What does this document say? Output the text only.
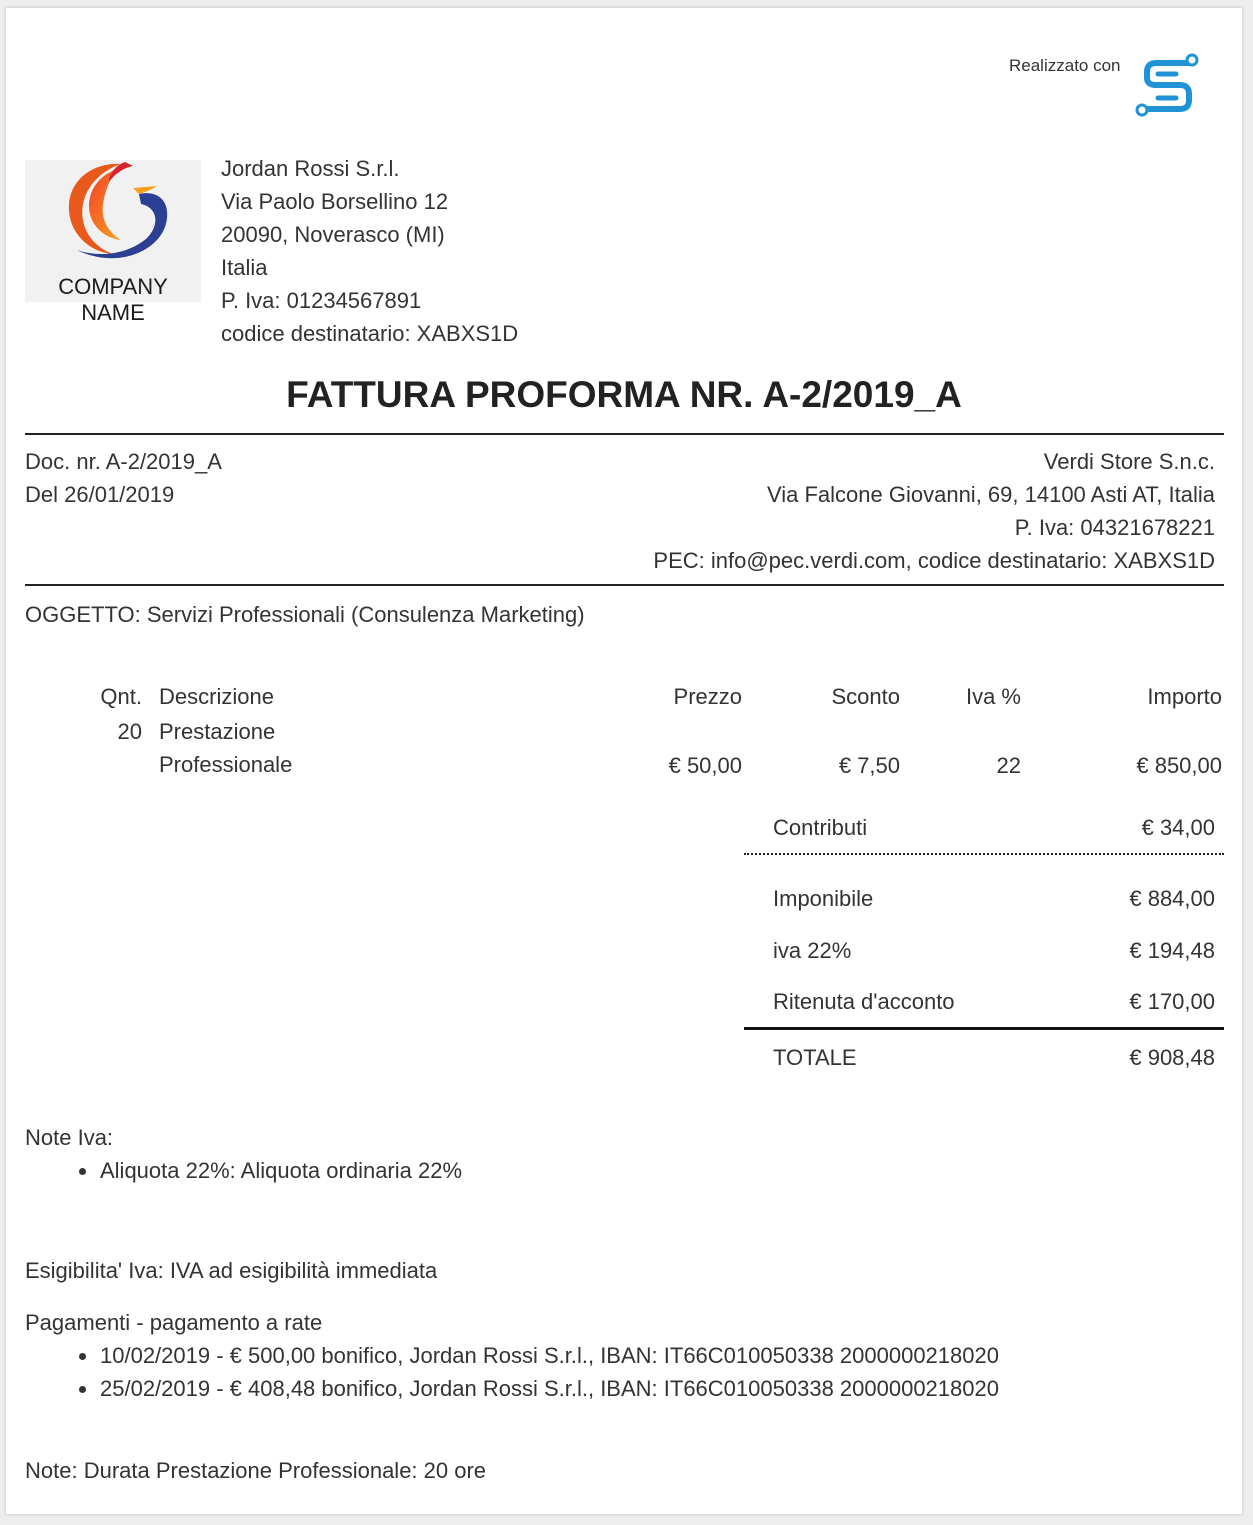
Realizzato con
COMPANY NAME
Jordan Rossi S.r.l.
Via Paolo Borsellino 12
20090, Noverasco (MI)
Italia
P. Iva: 01234567891
codice destinatario: XABXS1D
FATTURA PROFORMA NR. A-2/2019_A
Doc. nr. A-2/2019_A
Del 26/01/2019
Verdi Store S.n.c.
Via Falcone Giovanni, 69, 14100 Asti AT, Italia
P. Iva: 04321678221
PEC: info@pec.verdi.com, codice destinatario: XABXS1D
OGGETTO: Servizi Professionali (Consulenza Marketing)
Qnt. Descrizione	Prezzo	Sconto	Iva %	Importo
20 Prestazione
Professionale	€ 50,00	€ 7,50	22	€ 850,00
Contributi	€ 34,00
Imponibile	€ 884,00
iva 22%	€ 194,48
Ritenuta d'acconto	€ 170,00
TOTALE	€ 908,48
Note Iva:
Aliquota 22%: Aliquota ordinaria 22%
Esigibilita' Iva: IVA ad esigibilità immediata
Pagamenti - pagamento a rate
10/02/2019 - € 500,00 bonifico, Jordan Rossi S.r.l., IBAN: IT66C010050338 2000000218020
25/02/2019 - € 408,48 bonifico, Jordan Rossi S.r.l., IBAN: IT66C010050338 2000000218020
Note: Durata Prestazione Professionale: 20 ore
